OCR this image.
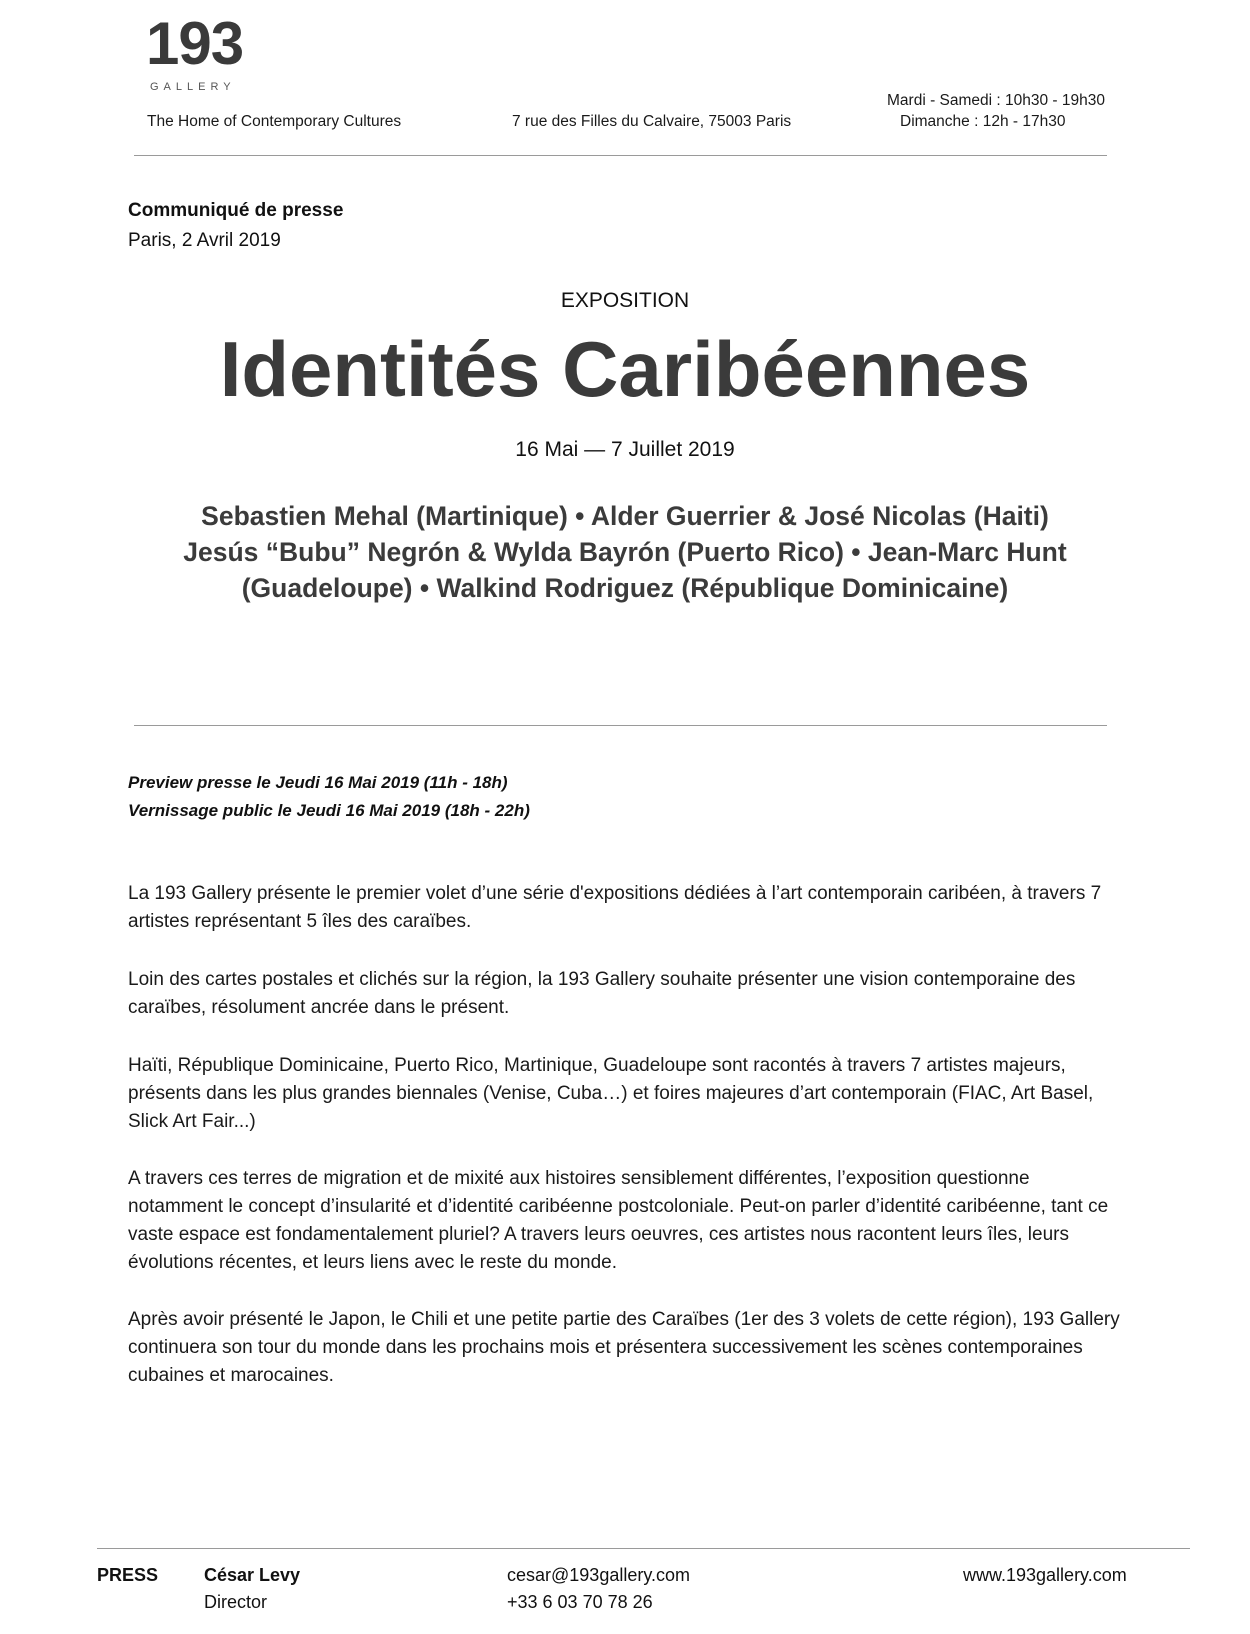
193
GALLERY
Mardi - Samedi : 10h30 - 19h30
The Home of Contemporary Cultures	7 rue des Filles du Calvaire, 75003 Paris	Dimanche : 12h - 17h30
Communiqué de presse
Paris, 2 Avril 2019
EXPOSITION
Identités Caribéennes
16 Mai — 7 Juillet 2019
Sebastien Mehal (Martinique) • Alder Guerrier & José Nicolas (Haiti)
Jesús “Bubu” Negrón & Wylda Bayrón (Puerto Rico) • Jean-Marc Hunt
(Guadeloupe) • Walkind Rodriguez (République Dominicaine)
Preview presse le Jeudi 16 Mai 2019 (11h - 18h)
Vernissage public le Jeudi 16 Mai 2019 (18h - 22h)
La 193 Gallery présente le premier volet d’une série d'expositions dédiées à l’art contemporain caribéen, à travers 7 artistes représentant 5 îles des caraïbes.
Loin des cartes postales et clichés sur la région, la 193 Gallery souhaite présenter une vision contemporaine des caraïbes, résolument ancrée dans le présent.
Haïti, République Dominicaine, Puerto Rico, Martinique, Guadeloupe sont racontés à travers 7 artistes majeurs, présents dans les plus grandes biennales (Venise, Cuba…) et foires majeures d’art contemporain (FIAC, Art Basel, Slick Art Fair...)
A travers ces terres de migration et de mixité aux histoires sensiblement différentes, l’exposition questionne notamment le concept d’insularité et d’identité caribéenne postcoloniale. Peut-on parler d’identité caribéenne, tant ce vaste espace est fondamentalement pluriel? A travers leurs oeuvres, ces artistes nous racontent leurs îles, leurs évolutions récentes, et leurs liens avec le reste du monde.
Après avoir présenté le Japon, le Chili et une petite partie des Caraïbes (1er des 3 volets de cette région), 193 Gallery continuera son tour du monde dans les prochains mois et présentera successivement les scènes contemporaines cubaines et marocaines.
PRESS	César Levy
Director
cesar@193gallery.com
+33 6 03 70 78 26
www.193gallery.com
